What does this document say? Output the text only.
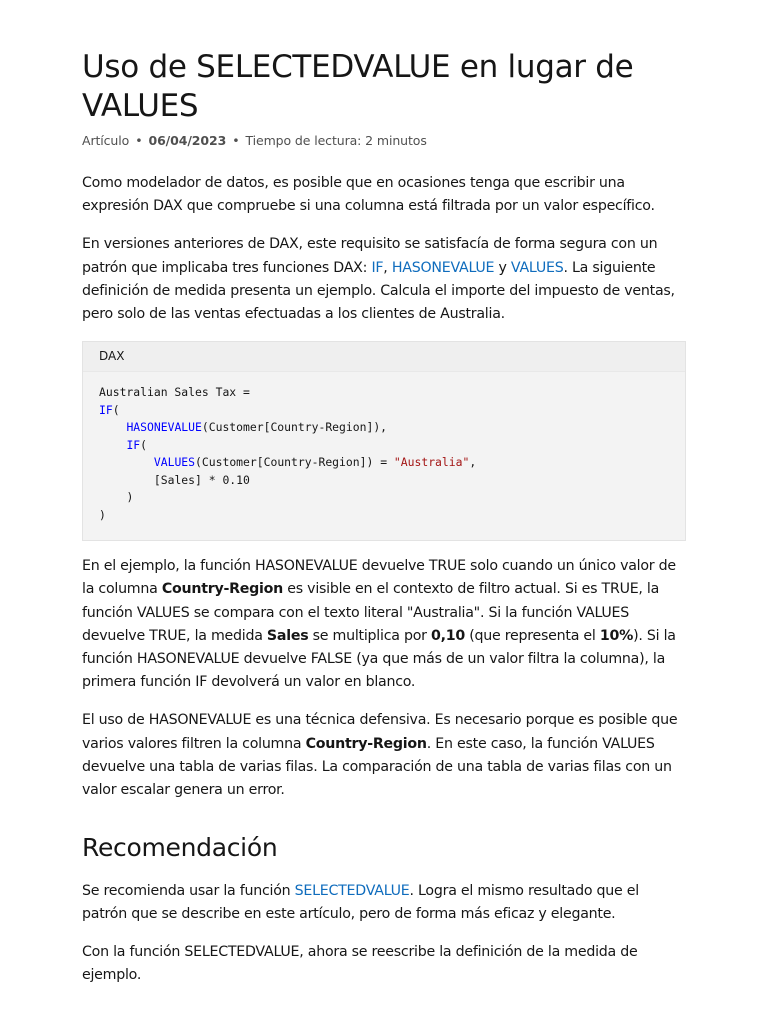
Uso de SELECTEDVALUE en lugar de VALUES
Artículo • 06/04/2023 • Tiempo de lectura: 2 minutos

Como modelador de datos, es posible que en ocasiones tenga que escribir una expresión DAX que compruebe si una columna está filtrada por un valor específico.

En versiones anteriores de DAX, este requisito se satisfacía de forma segura con un patrón que implicaba tres funciones DAX: IF, HASONEVALUE y VALUES. La siguiente definición de medida presenta un ejemplo. Calcula el importe del impuesto de ventas, pero solo de las ventas efectuadas a los clientes de Australia.

DAX
Australian Sales Tax =
IF(
HASONEVALUE(Customer[Country-Region]),
IF(
VALUES(Customer[Country-Region]) = "Australia",
[Sales] * 0.10
)
)

En el ejemplo, la función HASONEVALUE devuelve TRUE solo cuando un único valor de la columna Country-Region es visible en el contexto de filtro actual. Si es TRUE, la función VALUES se compara con el texto literal "Australia". Si la función VALUES devuelve TRUE, la medida Sales se multiplica por 0,10 (que representa el 10%). Si la función HASONEVALUE devuelve FALSE (ya que más de un valor filtra la columna), la primera función IF devolverá un valor en blanco.

El uso de HASONEVALUE es una técnica defensiva. Es necesario porque es posible que varios valores filtren la columna Country-Region. En este caso, la función VALUES devuelve una tabla de varias filas. La comparación de una tabla de varias filas con un valor escalar genera un error.

Recomendación

Se recomienda usar la función SELECTEDVALUE. Logra el mismo resultado que el patrón que se describe en este artículo, pero de forma más eficaz y elegante.

Con la función SELECTEDVALUE, ahora se reescribe la definición de la medida de ejemplo.
